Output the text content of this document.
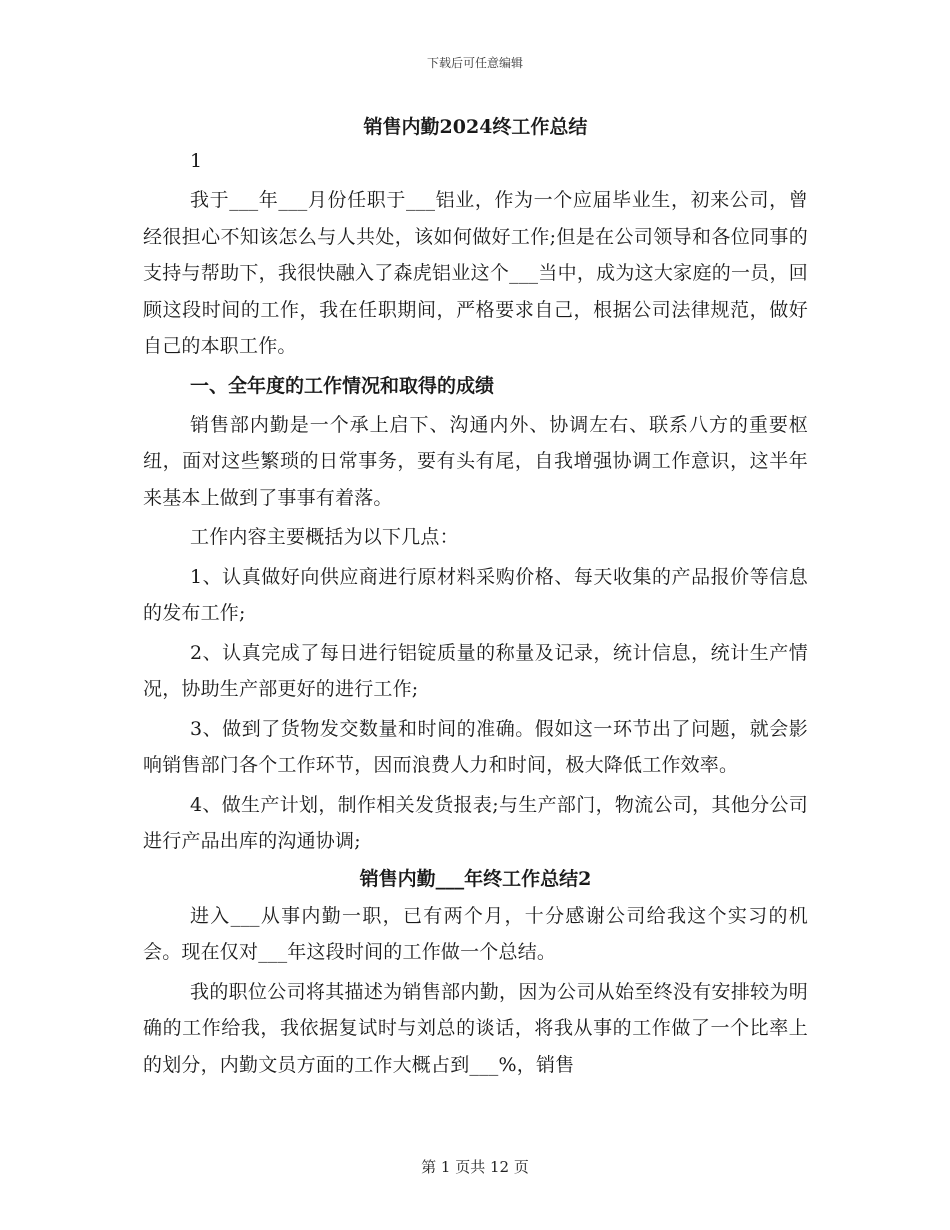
下载后可任意编辑
销售内勤2024终工作总结
1

我于___年___月份任职于___铝业，作为一个应届毕业生，初来公司，曾经很担心不知该怎么与人共处，该如何做好工作;但是在公司领导和各位同事的支持与帮助下，我很快融入了森虎铝业这个___当中，成为这大家庭的一员，回顾这段时间的工作，我在任职期间，严格要求自己，根据公司法律规范，做好自己的本职工作。

一、全年度的工作情况和取得的成绩

销售部内勤是一个承上启下、沟通内外、协调左右、联系八方的重要枢纽，面对这些繁琐的日常事务，要有头有尾，自我增强协调工作意识，这半年来基本上做到了事事有着落。

工作内容主要概括为以下几点：

1、认真做好向供应商进行原材料采购价格、每天收集的产品报价等信息的发布工作;

2、认真完成了每日进行铝锭质量的称量及记录，统计信息，统计生产情况，协助生产部更好的进行工作;

3、做到了货物发交数量和时间的准确。假如这一环节出了问题，就会影响销售部门各个工作环节，因而浪费人力和时间，极大降低工作效率。

4、做生产计划，制作相关发货报表;与生产部门，物流公司，其他分公司进行产品出库的沟通协调;

销售内勤___年终工作总结2

进入___从事内勤一职，已有两个月，十分感谢公司给我这个实习的机会。现在仅对___年这段时间的工作做一个总结。

我的职位公司将其描述为销售部内勤，因为公司从始至终没有安排较为明确的工作给我，我依据复试时与刘总的谈话，将我从事的工作做了一个比率上的划分，内勤文员方面的工作大概占到___%，销售

第 1 页共 12 页
